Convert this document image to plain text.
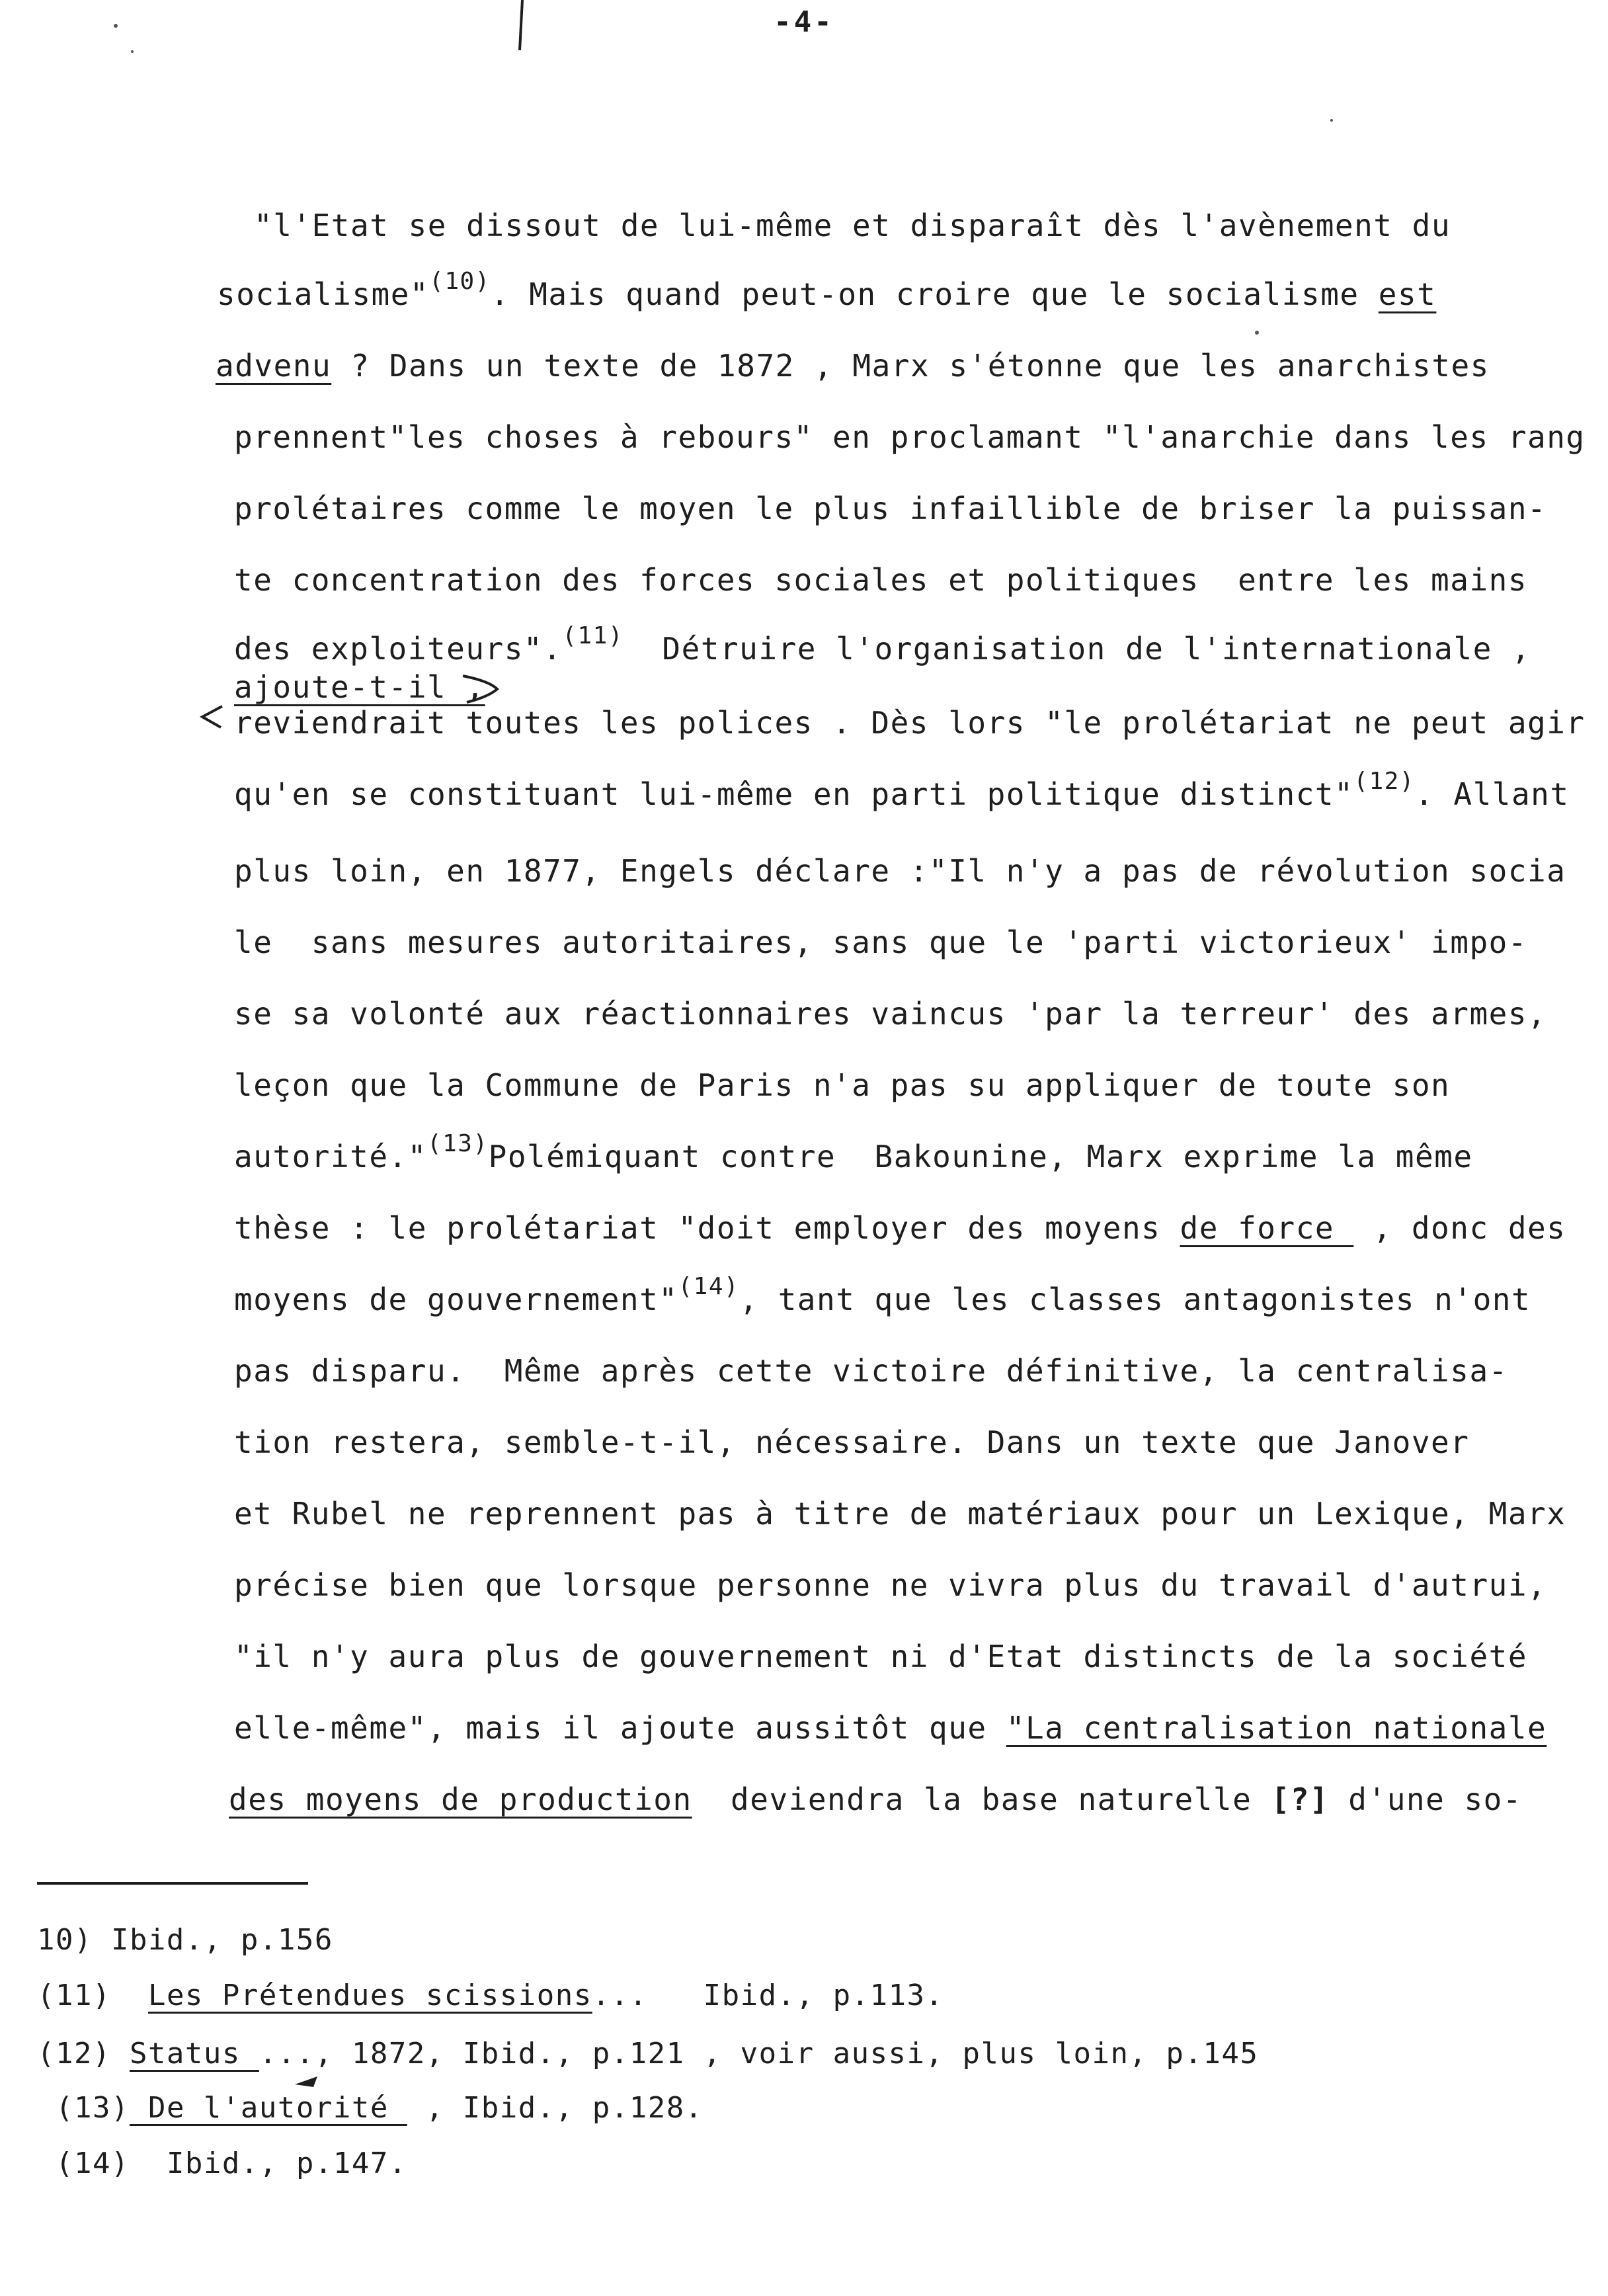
-4-
"l'Etat se dissout de lui-même et disparaît dès l'avènement du
socialisme"$^{(10)}$. Mais quand peut-on croire que le socialisme est
advenu ? Dans un texte de 1872 , Marx s'étonne que les anarchistes
prennent"les choses à rebours" en proclamant "l'anarchie dans les rang
prolétaires comme le moyen le plus infaillible de briser la puissan-
te concentration des forces sociales et politiques  entre les mains
des exploiteurs".$^{(11)}$  Détruire l'organisation de l'internationale ,
ajoute-t-il ,
reviendrait toutes les polices . Dès lors "le prolétariat ne peut agir
qu'en se constituant lui-même en parti politique distinct"$^{(12)}$. Allant
plus loin, en 1877, Engels déclare :"Il n'y a pas de révolution socia
le  sans mesures autoritaires, sans que le 'parti victorieux' impo-
se sa volonté aux réactionnaires vaincus 'par la terreur' des armes,
leçon que la Commune de Paris n'a pas su appliquer de toute son
autorité."$^{(13)}$Polémiquant contre  Bakounine, Marx exprime la même
thèse : le prolétariat "doit employer des moyens de force  , donc des
moyens de gouvernement"$^{(14)}$, tant que les classes antagonistes n'ont
pas disparu.  Même après cette victoire définitive, la centralisa-
tion restera, semble-t-il, nécessaire. Dans un texte que Janover
et Rubel ne reprennent pas à titre de matériaux pour un Lexique, Marx
précise bien que lorsque personne ne vivra plus du travail d'autrui,
"il n'y aura plus de gouvernement ni d'Etat distincts de la société
elle-même", mais il ajoute aussitôt que "La centralisation nationale
des moyens de production  deviendra la base naturelle [?] d'une so-
10) Ibid., p.156
(11)  Les Prétendues scissions...   Ibid., p.113.
(12) Status ..., 1872, Ibid., p.121 , voir aussi, plus loin, p.145
(13) De l'autorité  , Ibid., p.128.
(14)  Ibid., p.147.
